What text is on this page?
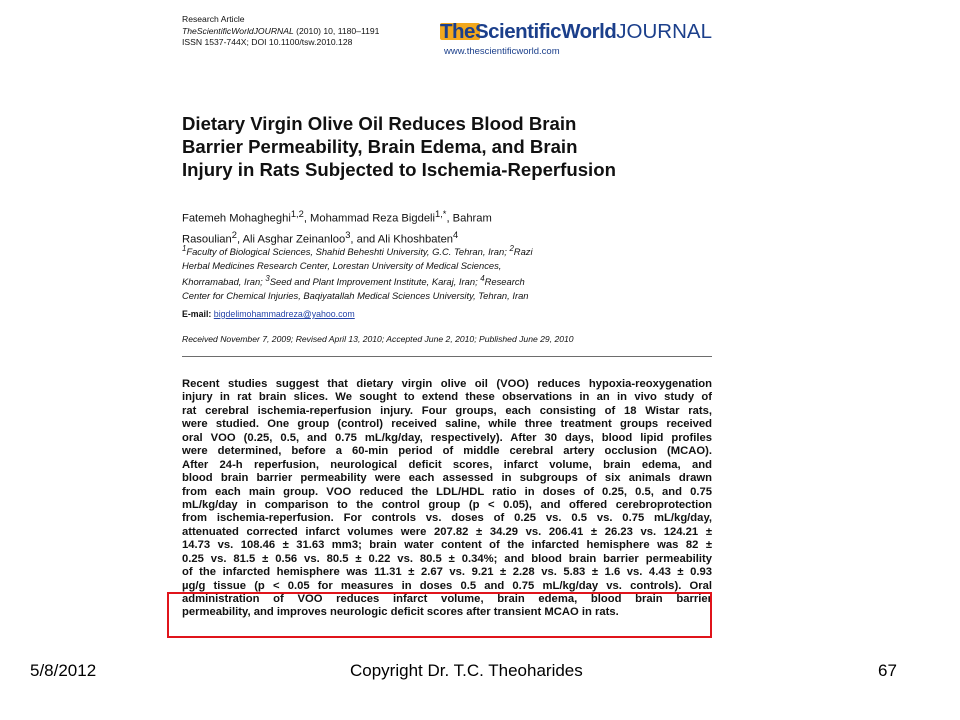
Research Article
TheScientificWorldJOURNAL (2010) 10, 1180–1191
ISSN 1537-744X; DOI 10.1100/tsw.2010.128	TheScientificWorldJOURNAL
www.thescientificworld.com
Dietary Virgin Olive Oil Reduces Blood Brain
Barrier Permeability, Brain Edema, and Brain
Injury in Rats Subjected to Ischemia-Reperfusion
Fatemeh Mohagheghi$^{1,2}$, Mohammad Reza Bigdeli$^{1,*}$, Bahram
Rasoulian$^2$, Ali Asghar Zeinanloo$^3$, and Ali Khoshbaten$^4$
$^1$Faculty of Biological Sciences, Shahid Beheshti University, G.C. Tehran, Iran; $^2$Razi
Herbal Medicines Research Center, Lorestan University of Medical Sciences,
Khorramabad, Iran; $^3$Seed and Plant Improvement Institute, Karaj, Iran; $^4$Research
Center for Chemical Injuries, Baqiyatallah Medical Sciences University, Tehran, Iran
E-mail: bigdelimohammadreza@yahoo.com
Received November 7, 2009; Revised April 13, 2010; Accepted June 2, 2010; Published June 29, 2010
Recent studies suggest that dietary virgin olive oil (VOO) reduces hypoxia-reoxygenation
injury in rat brain slices. We sought to extend these observations in an in vivo study of
rat cerebral ischemia-reperfusion injury. Four groups, each consisting of 18 Wistar rats,
were studied. One group (control) received saline, while three treatment groups received
oral VOO (0.25, 0.5, and 0.75 mL/kg/day, respectively). After 30 days, blood lipid profiles
were determined, before a 60-min period of middle cerebral artery occlusion (MCAO).
After 24-h reperfusion, neurological deficit scores, infarct volume, brain edema, and
blood brain barrier permeability were each assessed in subgroups of six animals drawn
from each main group. VOO reduced the LDL/HDL ratio in doses of 0.25, 0.5, and 0.75
mL/kg/day in comparison to the control group (p < 0.05), and offered cerebroprotection
from ischemia-reperfusion. For controls vs. doses of 0.25 vs. 0.5 vs. 0.75 mL/kg/day,
attenuated corrected infarct volumes were 207.82 ± 34.29 vs. 206.41 ± 26.23 vs. 124.21 ±
14.73 vs. 108.46 ± 31.63 mm3; brain water content of the infarcted hemisphere was 82 ±
0.25 vs. 81.5 ± 0.56 vs. 80.5 ± 0.22 vs. 80.5 ± 0.34%; and blood brain barrier permeability
of the infarcted hemisphere was 11.31 ± 2.67 vs. 9.21 ± 2.28 vs. 5.83 ± 1.6 vs. 4.43 ± 0.93
µg/g tissue (p < 0.05 for measures in doses 0.5 and 0.75 mL/kg/day vs. controls). Oral
administration of VOO reduces infarct volume, brain edema, blood brain barrier
permeability, and improves neurologic deficit scores after transient MCAO in rats.
5/8/2012	Copyright Dr. T.C. Theoharides	67
